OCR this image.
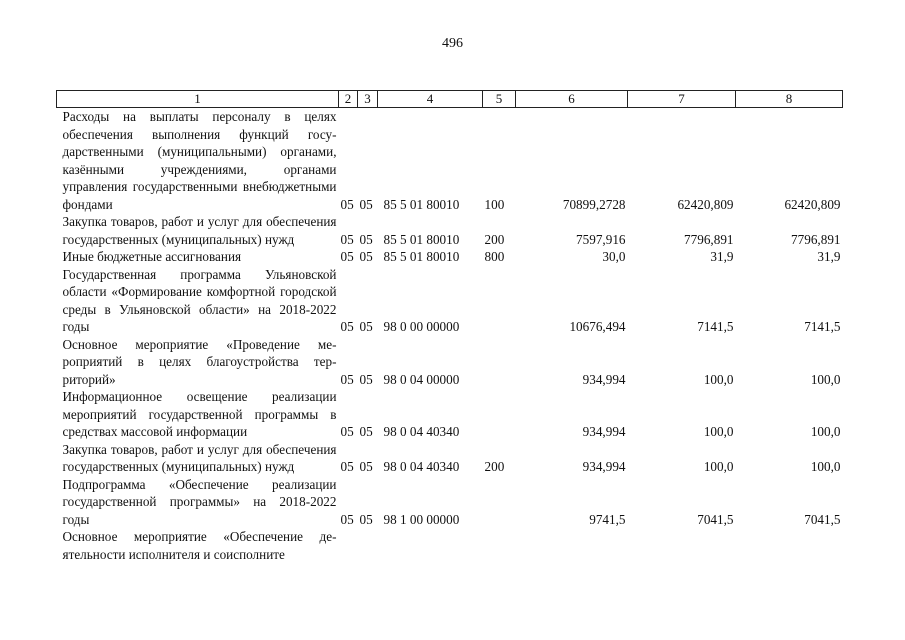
496
1	2	3	4	5	6	7	8
Расходы на выплаты персоналу в целях обеспечения выполнения функций государственными (муниципальными) органами, казёнными учреждениями, органами управления государственными внебюджетными фондами	05	05	85 5 01 80010	100	70899,2728	62420,809	62420,809
Закупка товаров, работ и услуг для обеспечения государственных (муниципальных) нужд	05	05	85 5 01 80010	200	7597,916	7796,891	7796,891
Иные бюджетные ассигнования	05	05	85 5 01 80010	800	30,0	31,9	31,9
Государственная программа Ульяновской области «Формирование комфортной городской среды в Ульяновской области» на 2018-2022 годы	05	05	98 0 00 00000		10676,494	7141,5	7141,5
Основное мероприятие «Проведение мероприятий в целях благоустройства территорий»	05	05	98 0 04 00000		934,994	100,0	100,0
Информационное освещение реализации мероприятий государственной программы в средствах массовой информации	05	05	98 0 04 40340		934,994	100,0	100,0
Закупка товаров, работ и услуг для обеспечения государственных (муниципальных) нужд	05	05	98 0 04 40340	200	934,994	100,0	100,0
Подпрограмма «Обеспечение реализации государственной программы» на 2018-2022 годы	05	05	98 1 00 00000		9741,5	7041,5	7041,5
Основное мероприятие «Обеспечение деятельности исполнителя и соисполните							
